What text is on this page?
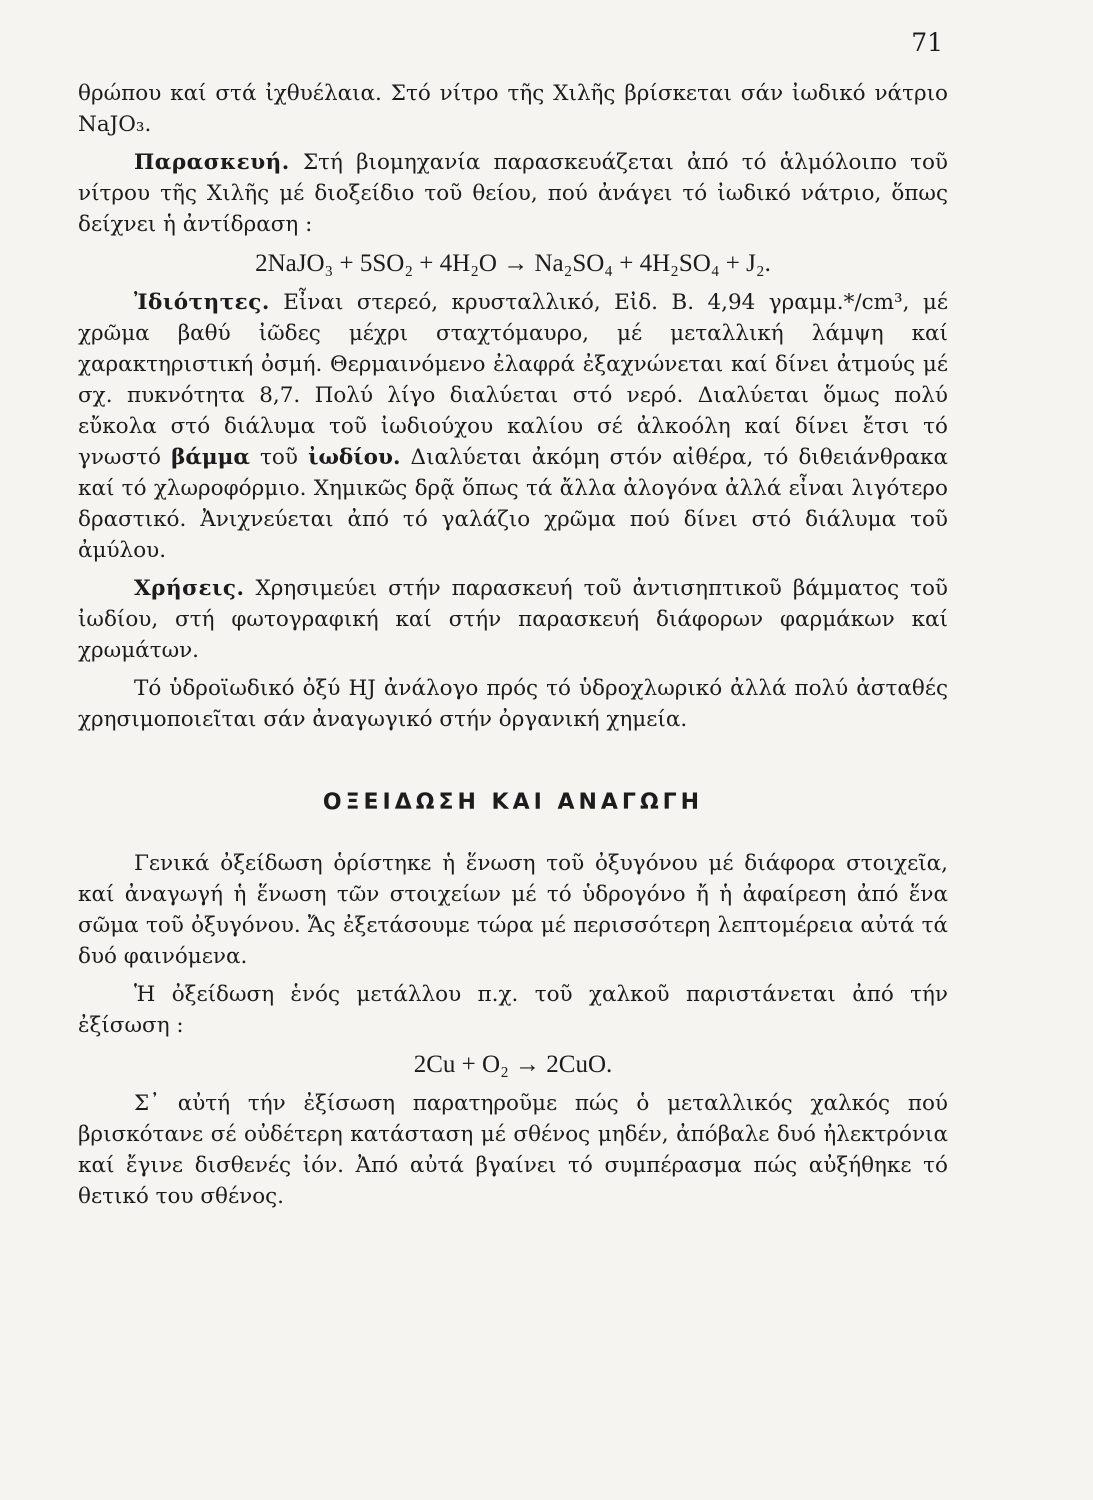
71

θρώπου καί στά ἰχθυέλαια. Στό νίτρο τῆς Χιλῆς βρίσκεται σάν ἰωδικό νάτριο NaJO₃.

Παρασκευή. Στή βιομηχανία παρασκευάζεται ἀπό τό ἁλμόλοιπο τοῦ νίτρου τῆς Χιλῆς μέ διοξείδιο τοῦ θείου, πού ἀνάγει τό ἰωδικό νάτριο, ὅπως δείχνει ἡ ἀντίδραση :

2NaJO₃ + 5SO₂ + 4H₂O → Na₂SO₄ + 4H₂SO₄ + J₂.

Ἰδιότητες. Εἶναι στερεό, κρυσταλλικό, Εἰδ. Β. 4,94 γραμμ.*/cm³, μέ χρῶμα βαθύ ἰῶδες μέχρι σταχτόμαυρο, μέ μεταλλική λάμψη καί χαρακτηριστική ὀσμή. Θερμαινόμενο ἐλαφρά ἐξαχνώνεται καί δίνει ἀτμούς μέ σχ. πυκνότητα 8,7. Πολύ λίγο διαλύεται στό νερό. Διαλύεται ὅμως πολύ εὔκολα στό διάλυμα τοῦ ἰωδιούχου καλίου σέ ἀλκοόλη καί δίνει ἔτσι τό γνωστό βάμμα τοῦ ἰωδίου. Διαλύεται ἀκόμη στόν αἰθέρα, τό διθειάνθρακα καί τό χλωροφόρμιο. Χημικῶς δρᾷ ὅπως τά ἄλλα ἀλογόνα ἀλλά εἶναι λιγότερο δραστικό. Ἀνιχνεύεται ἀπό τό γαλάζιο χρῶμα πού δίνει στό διάλυμα τοῦ ἀμύλου.

Χρήσεις. Χρησιμεύει στήν παρασκευή τοῦ ἀντισηπτικοῦ βάμματος τοῦ ἰωδίου, στή φωτογραφική καί στήν παρασκευή διάφορων φαρμάκων καί χρωμάτων.

Τό ὑδροϊωδικό ὀξύ HJ ἀνάλογο πρός τό ὑδροχλωρικό ἀλλά πολύ ἀσταθές χρησιμοποιεῖται σάν ἀναγωγικό στήν ὀργανική χημεία.

ΟΞΕΙΔΩΣΗ ΚΑΙ ΑΝΑΓΩΓΗ

Γενικά ὀξείδωση ὁρίστηκε ἡ ἕνωση τοῦ ὀξυγόνου μέ διάφορα στοιχεῖα, καί ἀναγωγή ἡ ἕνωση τῶν στοιχείων μέ τό ὑδρογόνο ἤ ἡ ἀφαίρεση ἀπό ἕνα σῶμα τοῦ ὀξυγόνου. Ἄς ἐξετάσουμε τώρα μέ περισσότερη λεπτομέρεια αὐτά τά δυό φαινόμενα.

Ἡ ὀξείδωση ἑνός μετάλλου π.χ. τοῦ χαλκοῦ παριστάνεται ἀπό τήν ἐξίσωση :

2Cu + O₂ → 2CuO.

Σ᾽ αὐτή τήν ἐξίσωση παρατηροῦμε πώς ὁ μεταλλικός χαλκός πού βρισκότανε σέ οὐδέτερη κατάσταση μέ σθένος μηδέν, ἀπόβαλε δυό ἠλεκτρόνια καί ἔγινε δισθενές ἰόν. Ἀπό αὐτά βγαίνει τό συμπέρασμα πώς αὐξήθηκε τό θετικό του σθένος.
